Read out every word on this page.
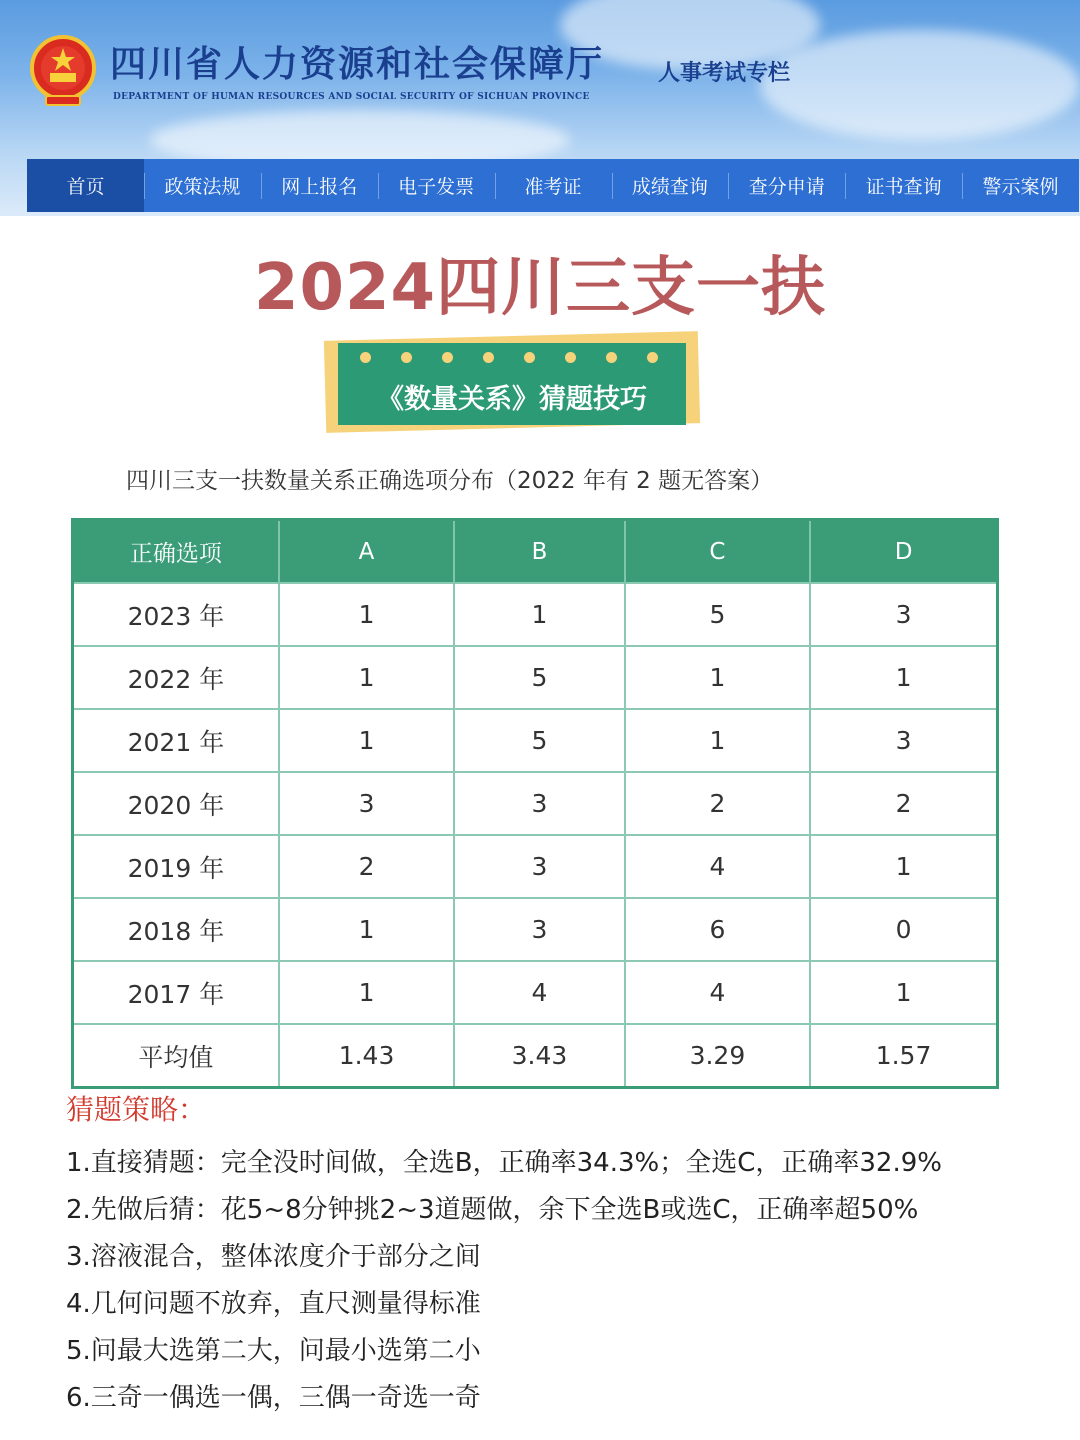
四川省人力资源和社会保障厅
DEPARTMENT OF HUMAN RESOURCES AND SOCIAL SECURITY OF SICHUAN PROVINCE
人事考试专栏
首页	政策法规	网上报名	电子发票	准考证	成绩查询	查分申请	证书查询	警示案例
2024四川三支一扶
《数量关系》猜题技巧
四川三支一扶数量关系正确选项分布（2022 年有 2 题无答案）
正确选项	A	B	C	D
2023 年	1	1	5	3
2022 年	1	5	1	1
2021 年	1	5	1	3
2020 年	3	3	2	2
2019 年	2	3	4	1
2018 年	1	3	6	0
2017 年	1	4	4	1
平均值	1.43	3.43	3.29	1.57
猜题策略：
1.直接猜题：完全没时间做，全选B，正确率34.3%；全选C，正确率32.9%
2.先做后猜：花5~8分钟挑2~3道题做，余下全选B或选C，正确率超50%
3.溶液混合，整体浓度介于部分之间
4.几何问题不放弃，直尺测量得标准
5.问最大选第二大，问最小选第二小
6.三奇一偶选一偶，三偶一奇选一奇
